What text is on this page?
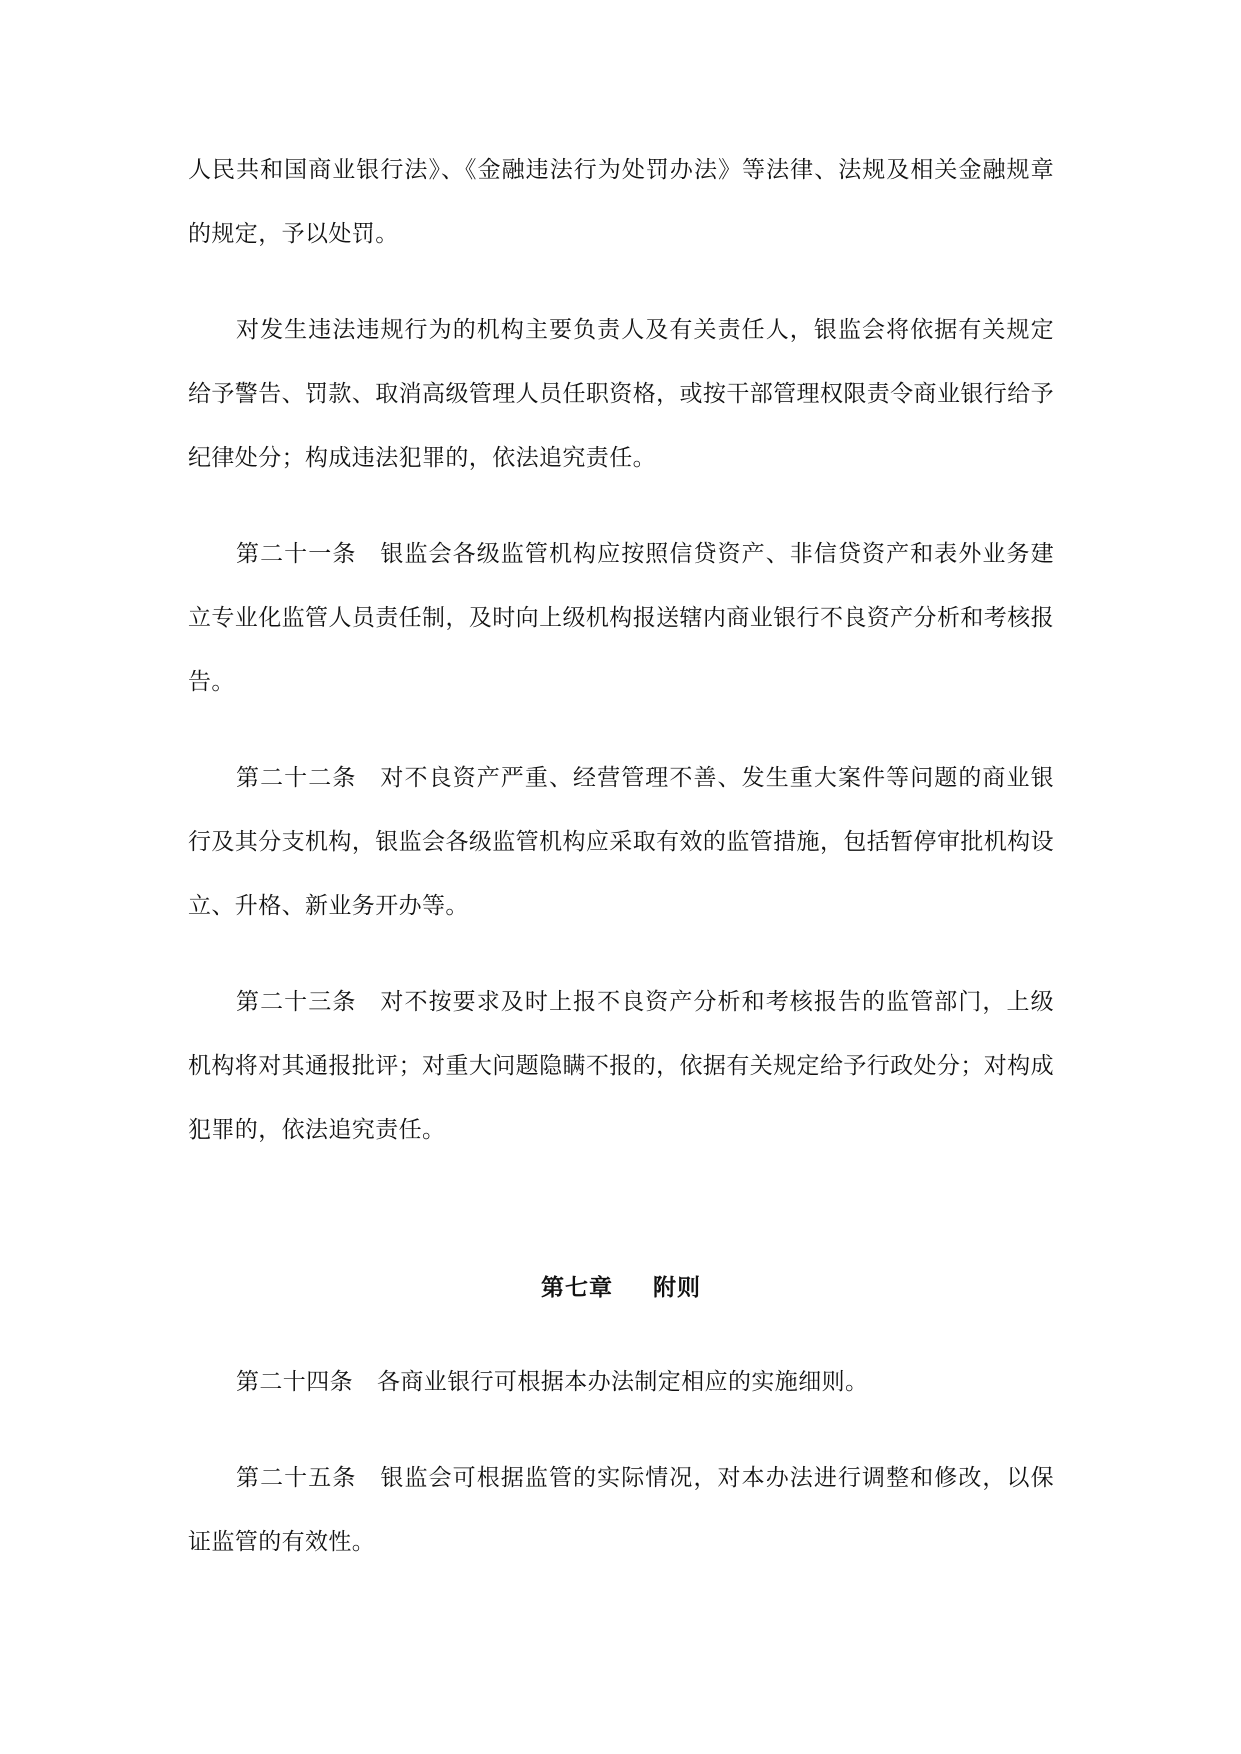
人民共和国商业银行法》、《金融违法行为处罚办法》等法律、法规及相关金融规章的规定，予以处罚。

对发生违法违规行为的机构主要负责人及有关责任人，银监会将依据有关规定给予警告、罚款、取消高级管理人员任职资格，或按干部管理权限责令商业银行给予纪律处分；构成违法犯罪的，依法追究责任。

第二十一条 银监会各级监管机构应按照信贷资产、非信贷资产和表外业务建立专业化监管人员责任制，及时向上级机构报送辖内商业银行不良资产分析和考核报告。

第二十二条 对不良资产严重、经营管理不善、发生重大案件等问题的商业银行及其分支机构，银监会各级监管机构应采取有效的监管措施，包括暂停审批机构设立、升格、新业务开办等。

第二十三条 对不按要求及时上报不良资产分析和考核报告的监管部门，上级机构将对其通报批评；对重大问题隐瞒不报的，依据有关规定给予行政处分；对构成犯罪的，依法追究责任。

第七章 附则

第二十四条 各商业银行可根据本办法制定相应的实施细则。

第二十五条 银监会可根据监管的实际情况，对本办法进行调整和修改，以保证监管的有效性。
